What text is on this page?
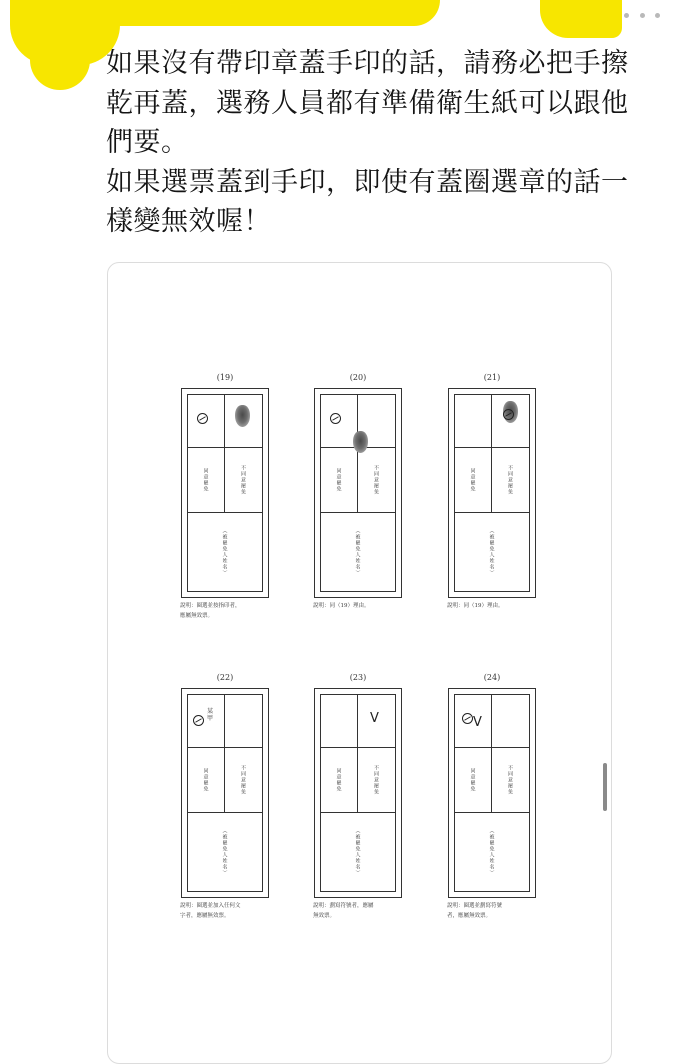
如果沒有帶印章蓋手印的話，請務必把手擦
乾再蓋，選務人員都有準備衛生紙可以跟他
們要。
如果選票蓋到手印，即使有蓋圈選章的話一
樣變無效喔！
(19)
同意罷免	不同意罷免
（被罷免人姓名）
說明：圈選並按指印者，
應屬無效票。
(20)
同意罷免	不同意罷免
（被罷免人姓名）
說明：同（19）理由。
(21)
同意罷免	不同意罷免
（被罷免人姓名）
說明：同（19）理由。
(22)
某
甲
同意罷免	不同意罷免
（被罷免人姓名）
說明：圈選並加入任何文
字者，應屬無效票。
(23)
V
同意罷免	不同意罷免
（被罷免人姓名）
說明：劃寫符號者，應屬
無效票。
(24)
V
同意罷免	不同意罷免
（被罷免人姓名）
說明：圈選並劃寫符號
者，應屬無效票。
